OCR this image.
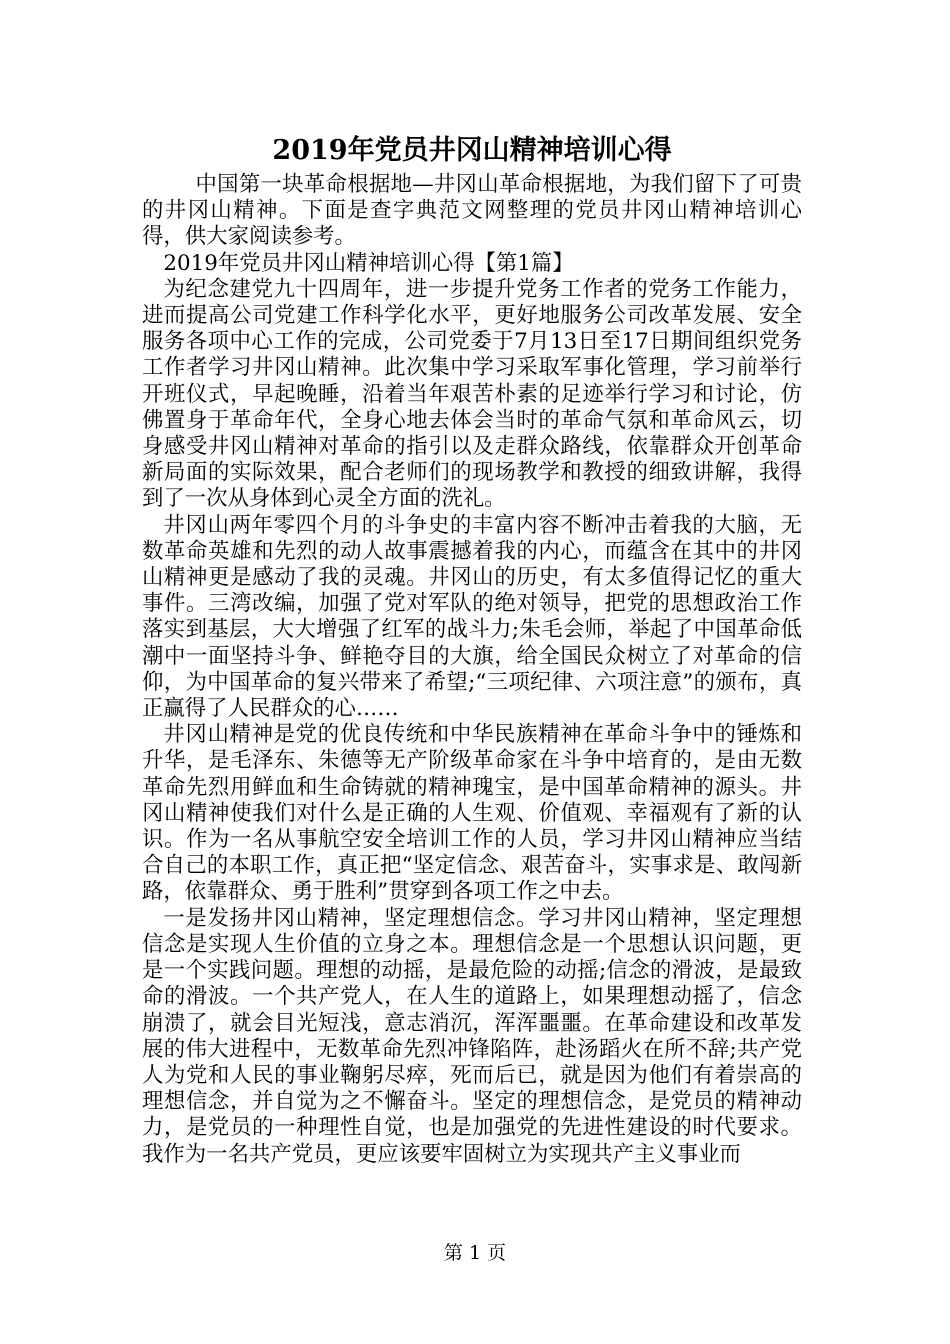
2019年党员井冈山精神培训心得

中国第一块革命根据地—井冈山革命根据地，为我们留下了可贵的井冈山精神。下面是查字典范文网整理的党员井冈山精神培训心得，供大家阅读参考。

2019年党员井冈山精神培训心得【第1篇】

为纪念建党九十四周年，进一步提升党务工作者的党务工作能力，进而提高公司党建工作科学化水平，更好地服务公司改革发展、安全服务各项中心工作的完成，公司党委于7月13日至17日期间组织党务工作者学习井冈山精神。此次集中学习采取军事化管理，学习前举行开班仪式，早起晚睡，沿着当年艰苦朴素的足迹举行学习和讨论，仿佛置身于革命年代，全身心地去体会当时的革命气氛和革命风云，切身感受井冈山精神对革命的指引以及走群众路线，依靠群众开创革命新局面的实际效果，配合老师们的现场教学和教授的细致讲解，我得到了一次从身体到心灵全方面的洗礼。

井冈山两年零四个月的斗争史的丰富内容不断冲击着我的大脑，无数革命英雄和先烈的动人故事震撼着我的内心，而蕴含在其中的井冈山精神更是感动了我的灵魂。井冈山的历史，有太多值得记忆的重大事件。三湾改编，加强了党对军队的绝对领导，把党的思想政治工作落实到基层，大大增强了红军的战斗力;朱毛会师，举起了中国革命低潮中一面坚持斗争、鲜艳夺目的大旗，给全国民众树立了对革命的信仰，为中国革命的复兴带来了希望;“三项纪律、六项注意”的颁布，真正赢得了人民群众的心……

井冈山精神是党的优良传统和中华民族精神在革命斗争中的锤炼和升华，是毛泽东、朱德等无产阶级革命家在斗争中培育的，是由无数革命先烈用鲜血和生命铸就的精神瑰宝，是中国革命精神的源头。井冈山精神使我们对什么是正确的人生观、价值观、幸福观有了新的认识。作为一名从事航空安全培训工作的人员，学习井冈山精神应当结合自己的本职工作，真正把“坚定信念、艰苦奋斗，实事求是、敢闯新路，依靠群众、勇于胜利”贯穿到各项工作之中去。

一是发扬井冈山精神，坚定理想信念。学习井冈山精神，坚定理想信念是实现人生价值的立身之本。理想信念是一个思想认识问题，更是一个实践问题。理想的动摇，是最危险的动摇;信念的滑波，是最致命的滑波。一个共产党人，在人生的道路上，如果理想动摇了，信念崩溃了，就会目光短浅，意志消沉，浑浑噩噩。在革命建设和改革发展的伟大进程中，无数革命先烈冲锋陷阵，赴汤蹈火在所不辞;共产党人为党和人民的事业鞠躬尽瘁，死而后已，就是因为他们有着崇高的理想信念，并自觉为之不懈奋斗。坚定的理想信念，是党员的精神动力，是党员的一种理性自觉，也是加强党的先进性建设的时代要求。我作为一名共产党员，更应该要牢固树立为实现共产主义事业而

第 1 页
